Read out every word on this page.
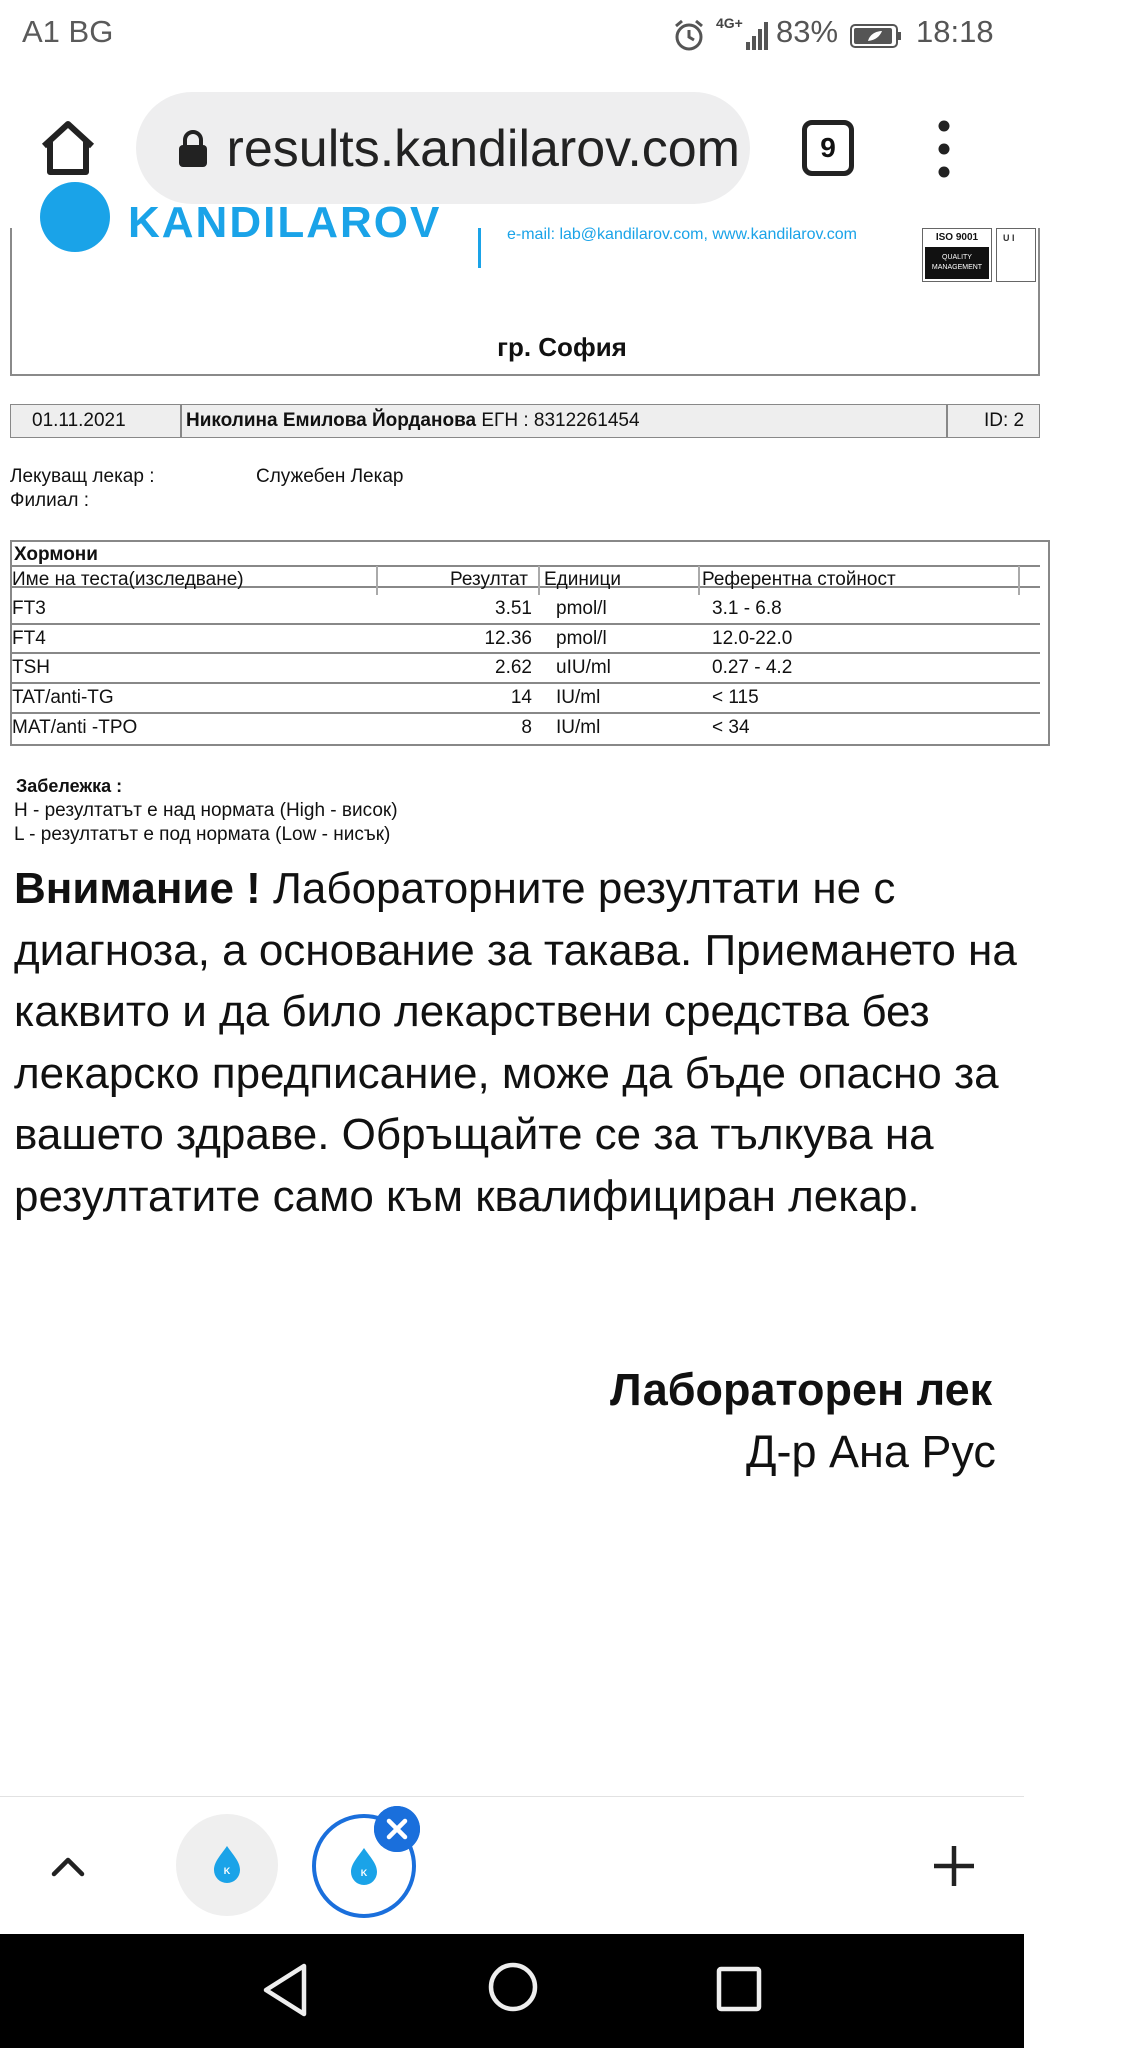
A1 BG	4G+ 83%	18:18
results.kandilarov.com	9
KANDILAROV	e-mail: lab@kandilarov.com, www.kandilarov.com	ISO 9001
QUALITY MANAGEMENT
U I
гр. София
01.11.2021	Николина Емилова Йорданова ЕГН : 8312261454	ID: 2
Лекуващ лекар :	Служебен Лекар
Филиал :
Хормони
Име на теста(изследване)	Резултат Единици	Референтна стойност
FT3	3.51 pmol/l	3.1 - 6.8
FT4	12.36 pmol/l	12.0-22.0
TSH	2.62 uIU/ml	0.27 - 4.2
TAT/anti-TG	14 IU/ml	< 115
MAT/anti -TPO	8 IU/ml	< 34
Забележка :
H - резултатът е над нормата (High - висок)
L - резултатът е под нормата (Low - нисък)
Внимание ! Лабораторните резултати не с диагноза, а основание за такава. Приемането на каквито и да било лекарствени средства без лекарско предписание, може да бъде опасно за вашето здраве. Обръщайте се за тълкува на резултатите само към квалифициран лекар.
Лабораторен лек
Д-р Ана Рус
K	K
